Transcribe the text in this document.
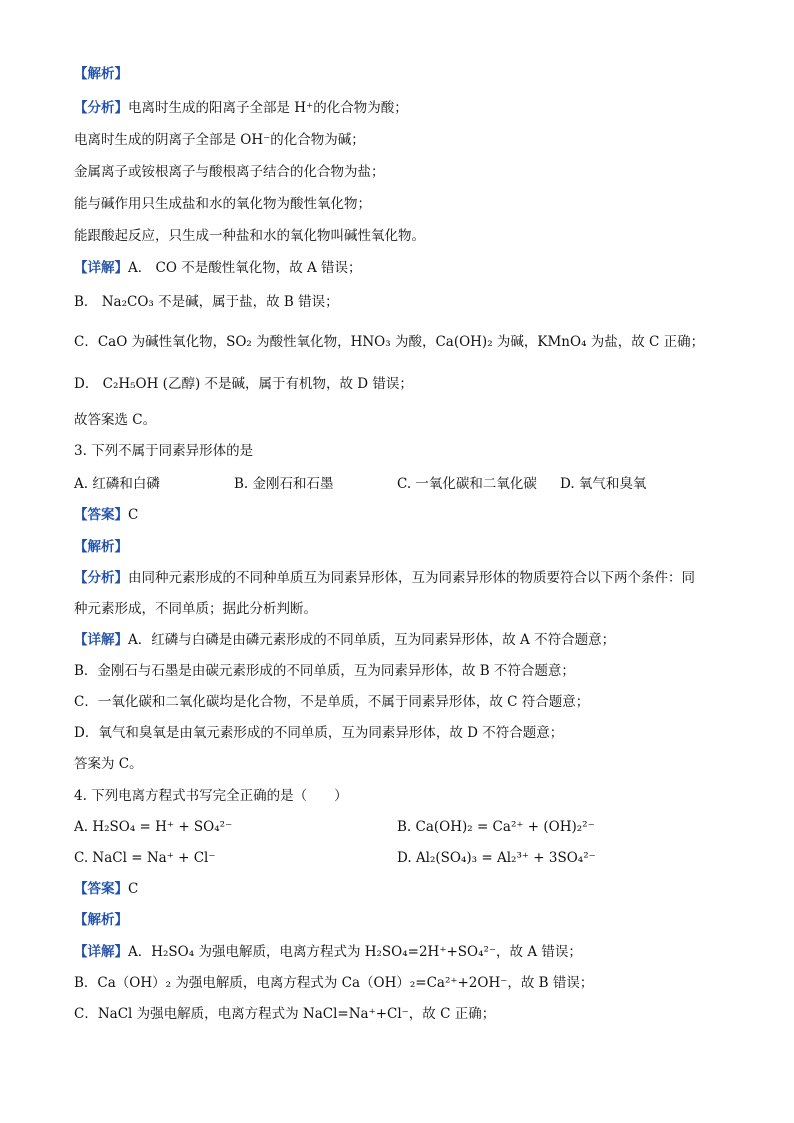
【解析】
【分析】电离时生成的阳离子全部是 H⁺的化合物为酸；
电离时生成的阴离子全部是 OH⁻的化合物为碱；
金属离子或铵根离子与酸根离子结合的化合物为盐；
能与碱作用只生成盐和水的氧化物为酸性氧化物；
能跟酸起反应，只生成一种盐和水的氧化物叫碱性氧化物。
【详解】A． CO 不是酸性氧化物，故 A 错误；
B． Na₂CO₃ 不是碱，属于盐，故 B 错误；
C．CaO 为碱性氧化物，SO₂ 为酸性氧化物，HNO₃ 为酸，Ca(OH)₂ 为碱，KMnO₄ 为盐，故 C 正确；
D． C₂H₅OH (乙醇) 不是碱，属于有机物，故 D 错误；
故答案选 C。
3. 下列不属于同素异形体的是
A. 红磷和白磷	B. 金刚石和石墨	C. 一氧化碳和二氧化碳 D. 氧气和臭氧
【答案】C
【解析】
【分析】由同种元素形成的不同种单质互为同素异形体，互为同素异形体的物质要符合以下两个条件：同
种元素形成，不同单质；据此分析判断。
【详解】A．红磷与白磷是由磷元素形成的不同单质，互为同素异形体，故 A 不符合题意；
B．金刚石与石墨是由碳元素形成的不同单质，互为同素异形体，故 B 不符合题意；
C．一氧化碳和二氧化碳均是化合物，不是单质，不属于同素异形体，故 C 符合题意；
D．氧气和臭氧是由氧元素形成的不同单质，互为同素异形体，故 D 不符合题意；
答案为 C。
4. 下列电离方程式书写完全正确的是（　　）
A. H₂SO₄ = H⁺ + SO₄²⁻	B. Ca(OH)₂ = Ca²⁺ + (OH)₂²⁻
C. NaCl = Na⁺ + Cl⁻	D. Al₂(SO₄)₃ = Al₂³⁺ + 3SO₄²⁻
【答案】C
【解析】
【详解】A．H₂SO₄ 为强电解质，电离方程式为 H₂SO₄=2H⁺+SO₄²⁻，故 A 错误；
B．Ca（OH）₂ 为强电解质，电离方程式为 Ca（OH）₂=Ca²⁺+2OH⁻，故 B 错误；
C．NaCl 为强电解质，电离方程式为 NaCl=Na⁺+Cl⁻，故 C 正确；
